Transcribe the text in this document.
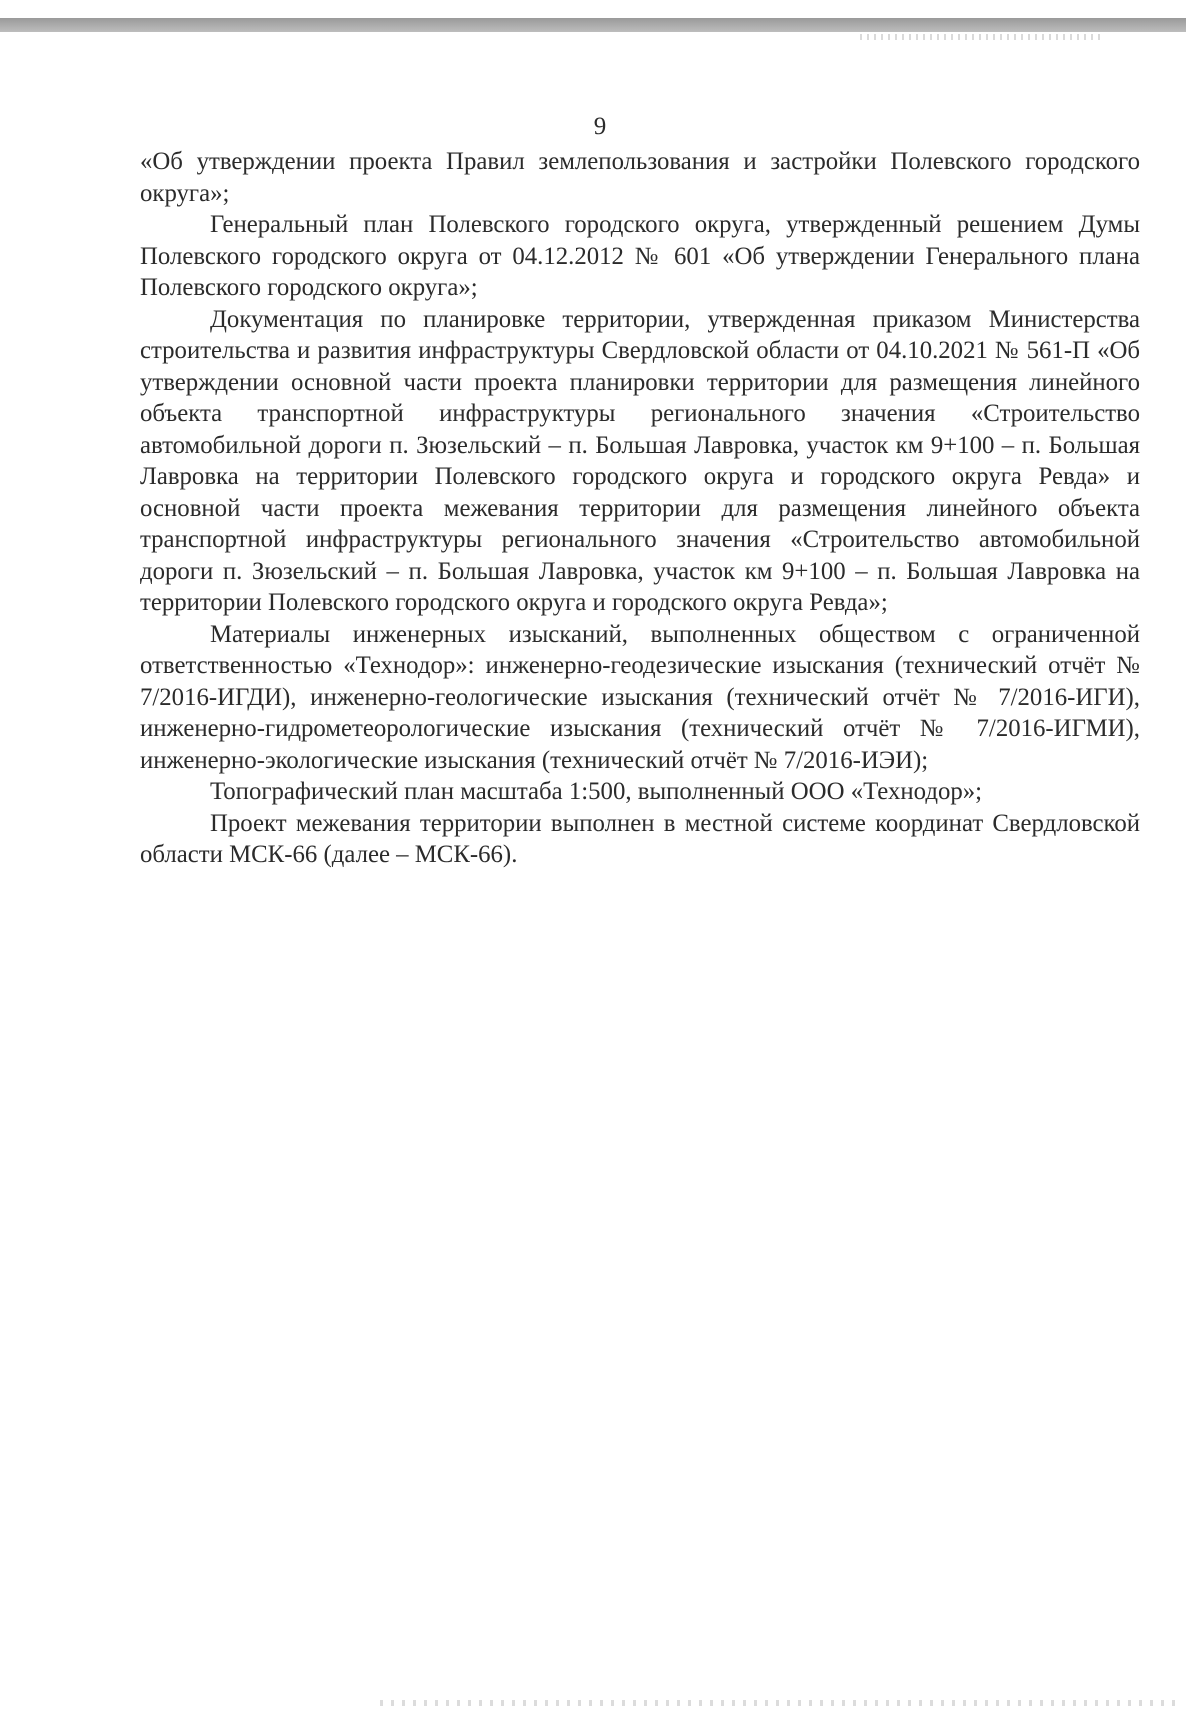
9

«Об утверждении проекта Правил землепользования и застройки Полевского городского округа»;

Генеральный план Полевского городского округа, утвержденный решением Думы Полевского городского округа от 04.12.2012 № 601 «Об утверждении Генерального плана Полевского городского округа»;

Документация по планировке территории, утвержденная приказом Министерства строительства и развития инфраструктуры Свердловской области от 04.10.2021 № 561-П «Об утверждении основной части проекта планировки территории для размещения линейного объекта транспортной инфраструктуры регионального значения «Строительство автомобильной дороги п. Зюзельский – п. Большая Лавровка, участок км 9+100 – п. Большая Лавровка на территории Полевского городского округа и городского округа Ревда» и основной части проекта межевания территории для размещения линейного объекта транспортной инфраструктуры регионального значения «Строительство автомобильной дороги п. Зюзельский – п. Большая Лавровка, участок км 9+100 – п. Большая Лавровка на территории Полевского городского округа и городского округа Ревда»;

Материалы инженерных изысканий, выполненных обществом с ограниченной ответственностью «Технодор»: инженерно-геодезические изыскания (технический отчёт № 7/2016-ИГДИ), инженерно-геологические изыскания (технический отчёт № 7/2016-ИГИ), инженерно-гидрометеорологические изыскания (технический отчёт № 7/2016-ИГМИ), инженерно-экологические изыскания (технический отчёт № 7/2016-ИЭИ);

Топографический план масштаба 1:500, выполненный ООО «Технодор»;

Проект межевания территории выполнен в местной системе координат Свердловской области МСК-66 (далее – МСК-66).
